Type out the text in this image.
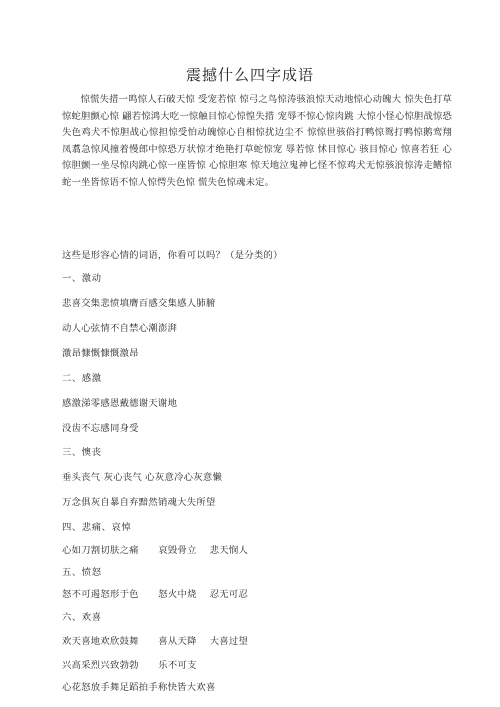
震撼什么四字成语

惊慌失措一鸣惊人石破天惊 受宠若惊 惊弓之鸟惊涛骇浪惊天动地惊心动魄大 惊失色打草惊蛇胆颤心惊 翩若惊鸿大吃一惊触目惊心惊惶失措 宠辱不惊心惊肉跳 大惊小怪心惊胆战惊恐失色鸡犬不惊胆战心惊担惊受怕动魄惊心自相惊扰边尘不 惊惊世骇俗打鸭惊鸳打鸭惊鹅鸾翔凤翥急惊风撞着慢郎中惊恐万状惊才绝艳打草蛇惊宠 辱若惊 怵目惊心 骇目惊心 惊喜若狂 心惊胆颤一坐尽惊肉跳心惊一座皆惊 心惊胆寒 惊天地泣鬼神匕怪不惊鸡犬无惊骇浪惊涛走鳍惊蛇一坐皆惊语不惊人惊愕失色惊 慌失色惊魂未定。

这些是形容心情的词语，你看可以吗？（是分类的）

一、激动

悲喜交集悲愤填膺百感交集感人肺腑

动人心弦情不自禁心潮澎湃

激昂慷慨慷慨激昂

二、感激

感激涕零感恩戴德谢天谢地

没齿不忘感同身受

三、懊丧

垂头丧气 灰心丧气 心灰意冷心灰意懒

万念俱灰自暴自弃黯然销魂大失所望

四、悲痛、哀悼

心如刀割切肤之痛      哀毁骨立    悲天悯人

五、愤怒

怒不可遏怒形于色      怒火中烧    忍无可忍

六、欢喜

欢天喜地欢欣鼓舞      喜从天降    大喜过望

兴高采烈兴致勃勃      乐不可支

心花怒放手舞足蹈拍手称快皆大欢喜
